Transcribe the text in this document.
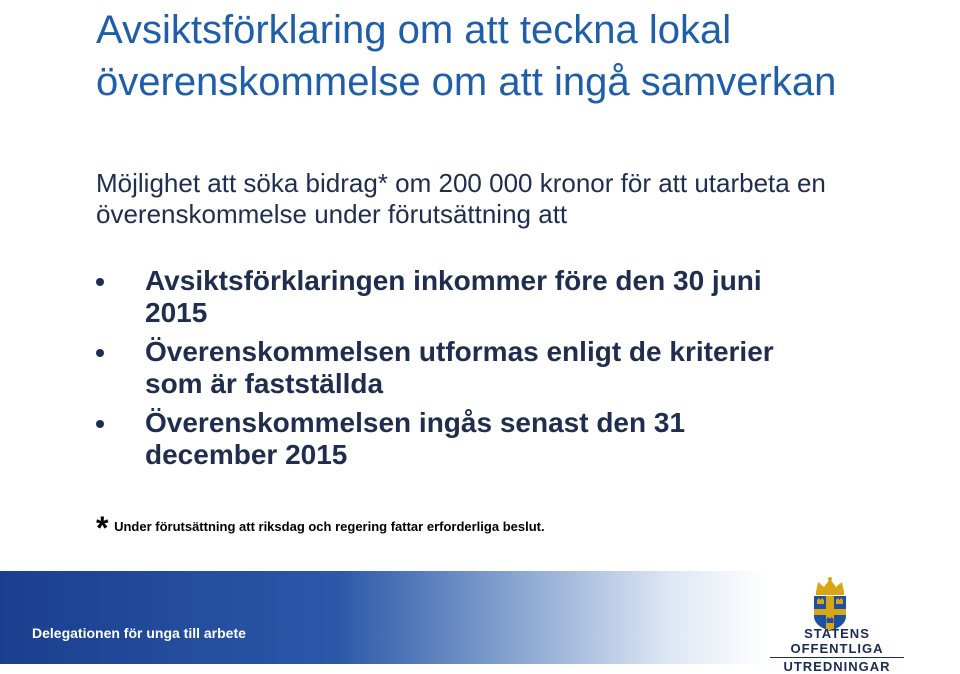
Avsiktsförklaring om att teckna lokal överenskommelse om att ingå samverkan
Möjlighet att söka bidrag* om 200 000 kronor för att utarbeta en överenskommelse under förutsättning att
Avsiktsförklaringen inkommer före den 30 juni 2015
Överenskommelsen utformas enligt de kriterier som är fastställda
Överenskommelsen ingås senast den 31 december 2015
* Under förutsättning att riksdag och regering fattar erforderliga beslut.
Delegationen för unga till arbete	STATENS OFFENTLIGA
UTREDNINGAR
